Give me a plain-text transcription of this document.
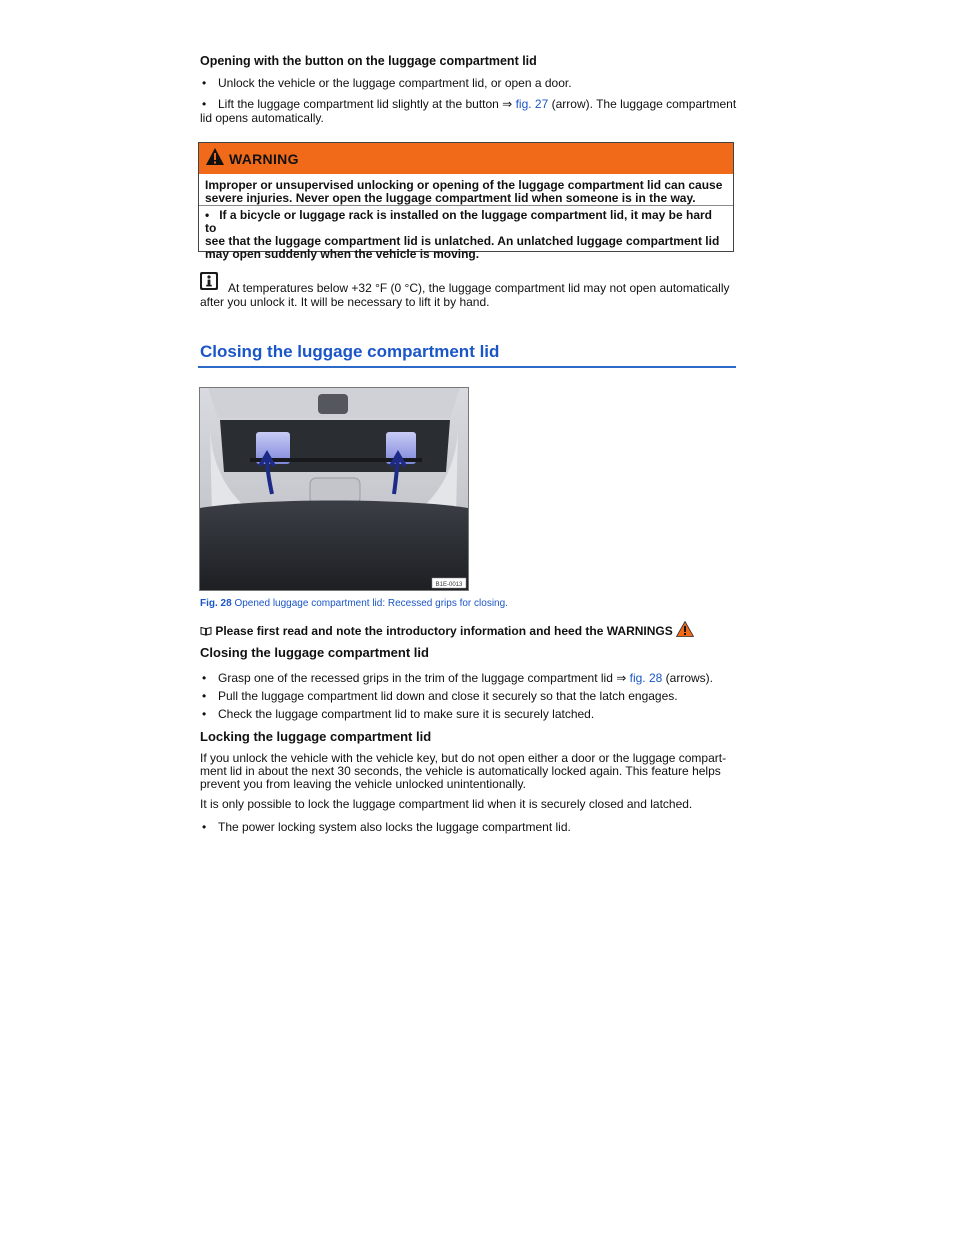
Opening with the button on the luggage compartment lid
• Unlock the vehicle or the luggage compartment lid, or open a door.
• Lift the luggage compartment lid slightly at the button ⇒ fig. 27 (arrow). The luggage compartment
lid opens automatically.
WARNING
Improper or unsupervised unlocking or opening of the luggage compartment lid can cause
severe injuries. Never open the luggage compartment lid when someone is in the way.
• If a bicycle or luggage rack is installed on the luggage compartment lid, it may be hard to
see that the luggage compartment lid is unlatched. An unlatched luggage compartment lid
may open suddenly when the vehicle is moving.
At temperatures below +32 °F (0 °C), the luggage compartment lid may not open automatically
after you unlock it. It will be necessary to lift it by hand.
Closing the luggage compartment lid
B1E-0013
Fig. 28 Opened luggage compartment lid: Recessed grips for closing.
Please first read and note the introductory information and heed the WARNINGS
Closing the luggage compartment lid
• Grasp one of the recessed grips in the trim of the luggage compartment lid ⇒ fig. 28 (arrows).
• Pull the luggage compartment lid down and close it securely so that the latch engages.
• Check the luggage compartment lid to make sure it is securely latched.
Locking the luggage compartment lid
If you unlock the vehicle with the vehicle key, but do not open either a door or the luggage compart-
ment lid in about the next 30 seconds, the vehicle is automatically locked again. This feature helps
prevent you from leaving the vehicle unlocked unintentionally.
It is only possible to lock the luggage compartment lid when it is securely closed and latched.
• The power locking system also locks the luggage compartment lid.
